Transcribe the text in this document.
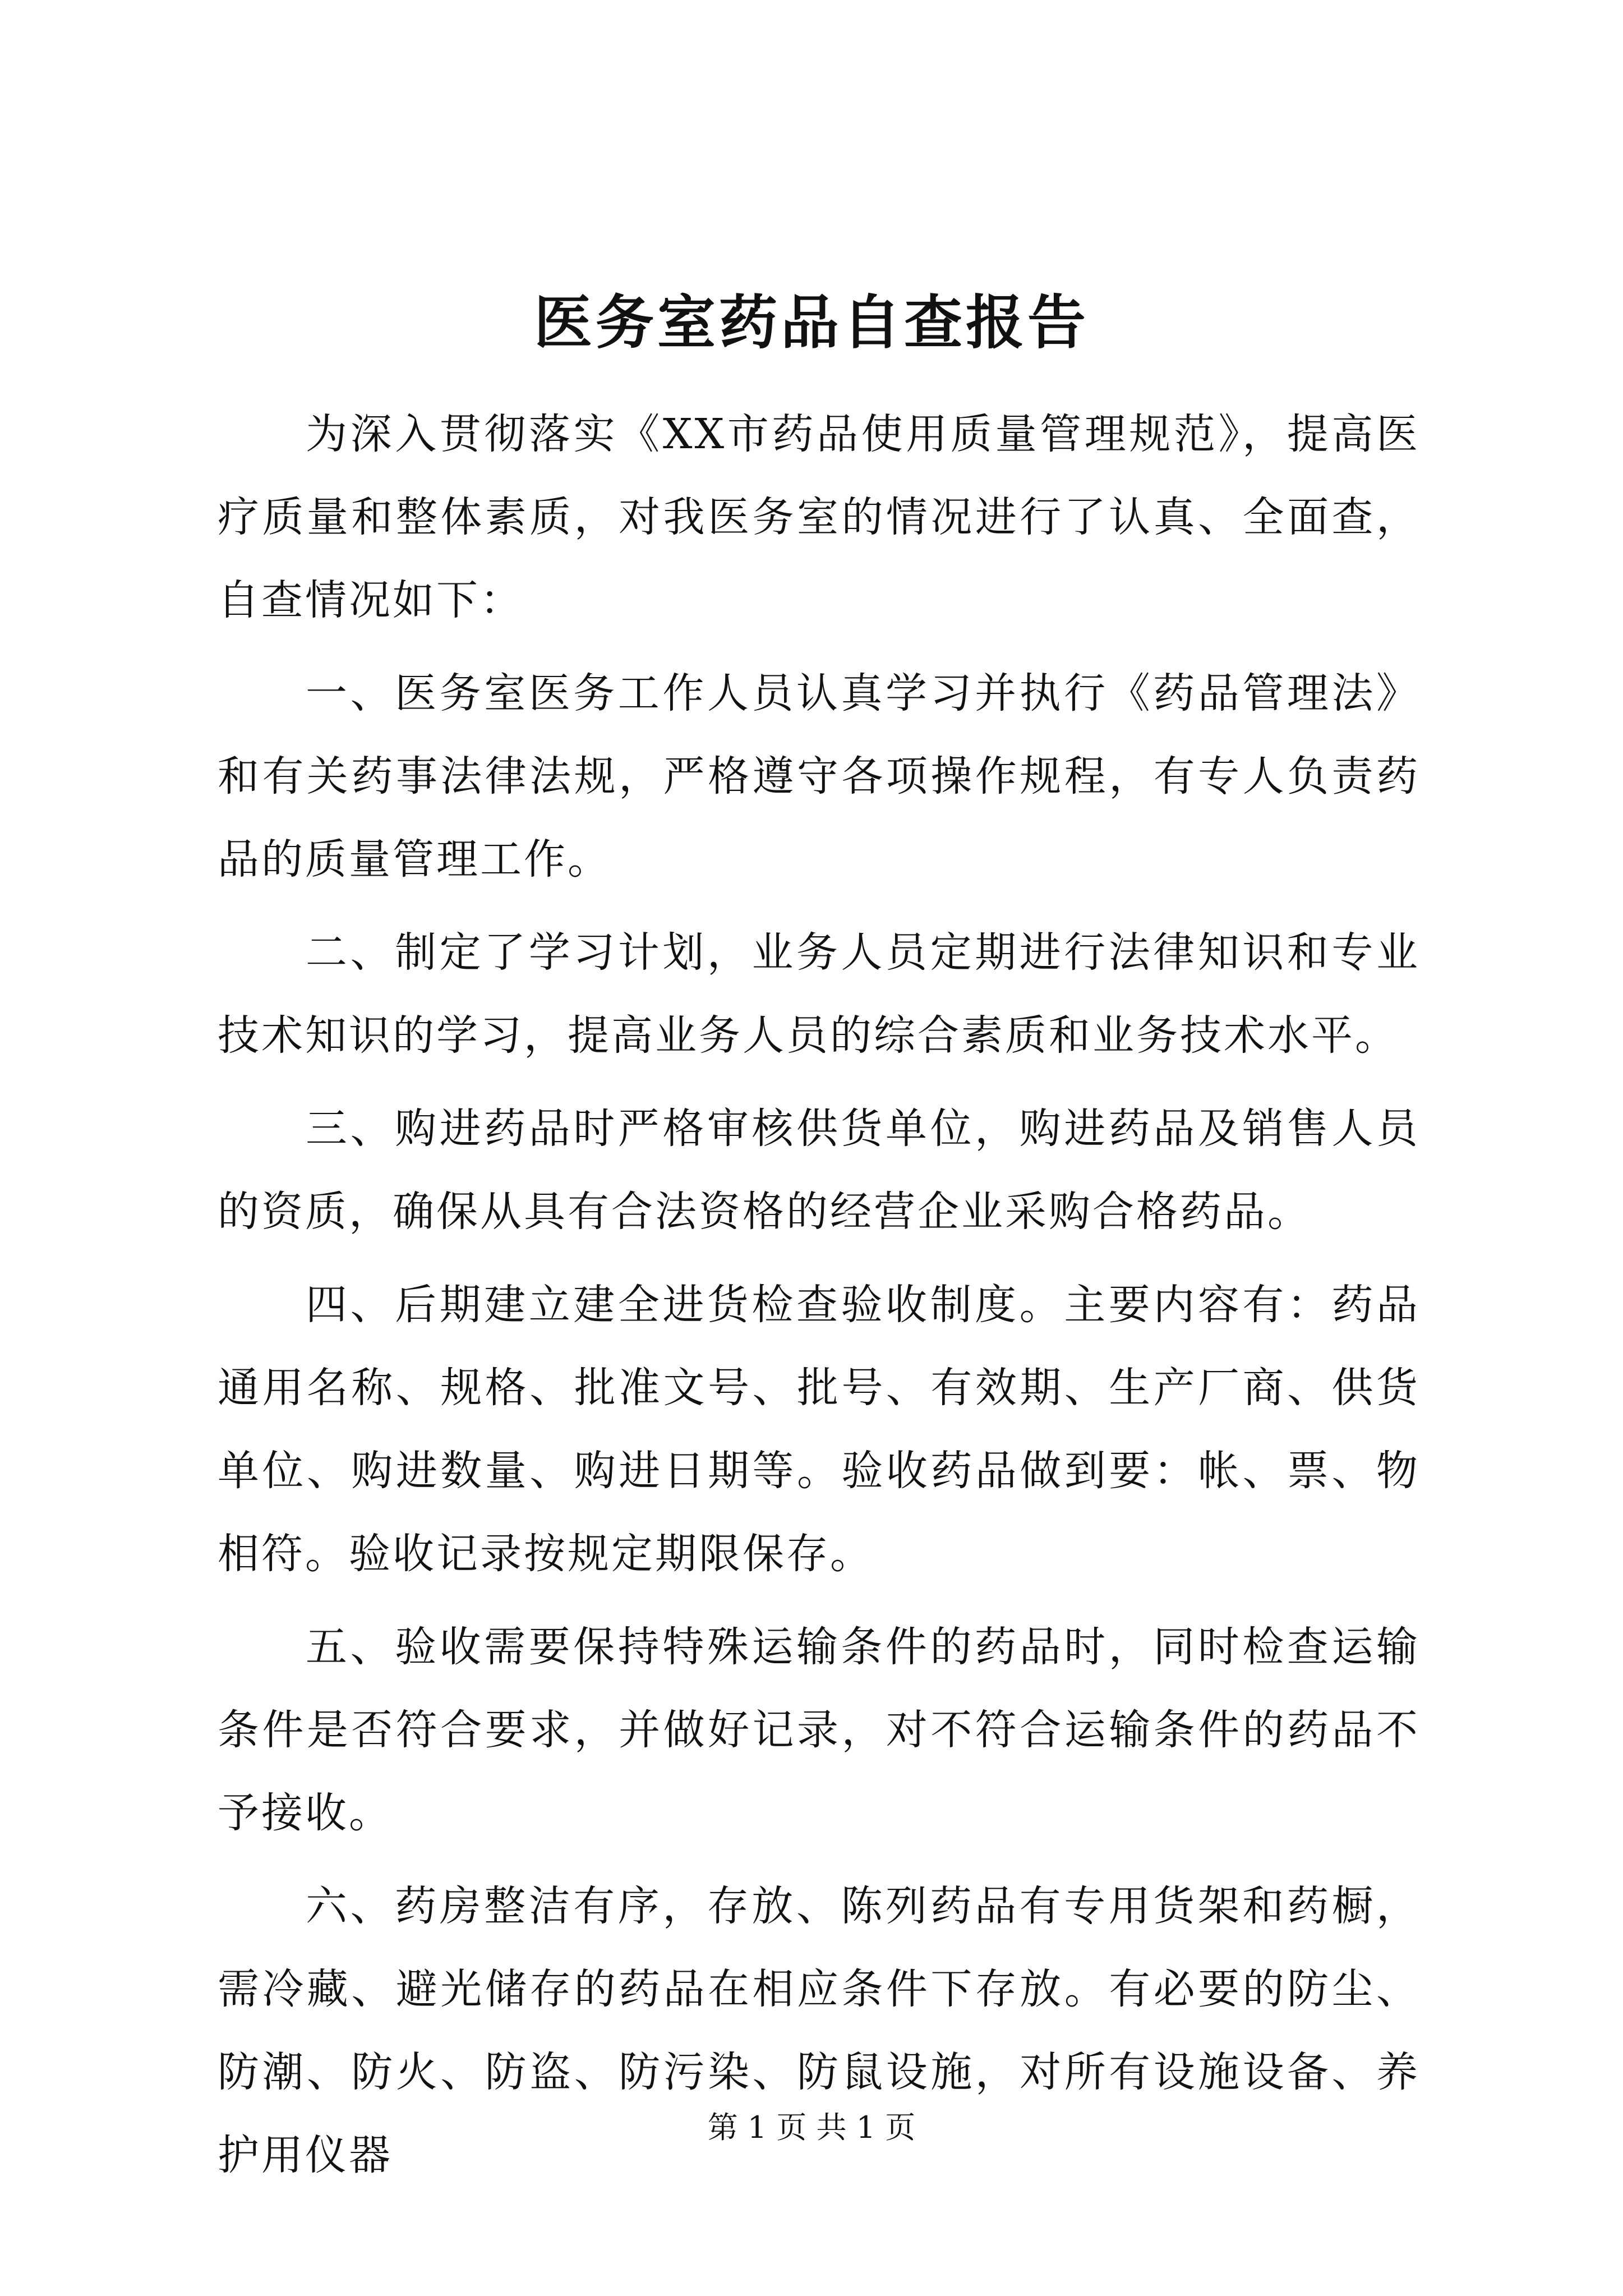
医务室药品自查报告

为深入贯彻落实《XX市药品使用质量管理规范》，提高医疗质量和整体素质，对我医务室的情况进行了认真、全面查，自查情况如下：

一、医务室医务工作人员认真学习并执行《药品管理法》和有关药事法律法规，严格遵守各项操作规程，有专人负责药品的质量管理工作。

二、制定了学习计划，业务人员定期进行法律知识和专业技术知识的学习，提高业务人员的综合素质和业务技术水平。

三、购进药品时严格审核供货单位，购进药品及销售人员的资质，确保从具有合法资格的经营企业采购合格药品。

四、后期建立建全进货检查验收制度。主要内容有：药品通用名称、规格、批准文号、批号、有效期、生产厂商、供货单位、购进数量、购进日期等。验收药品做到要：帐、票、物相符。验收记录按规定期限保存。

五、验收需要保持特殊运输条件的药品时，同时检查运输条件是否符合要求，并做好记录，对不符合运输条件的药品不予接收。

六、药房整洁有序，存放、陈列药品有专用货架和药橱，需冷藏、避光储存的药品在相应条件下存放。有必要的防尘、防潮、防火、防盗、防污染、防鼠设施，对所有设施设备、养护用仪器

第 1 页 共 1 页
